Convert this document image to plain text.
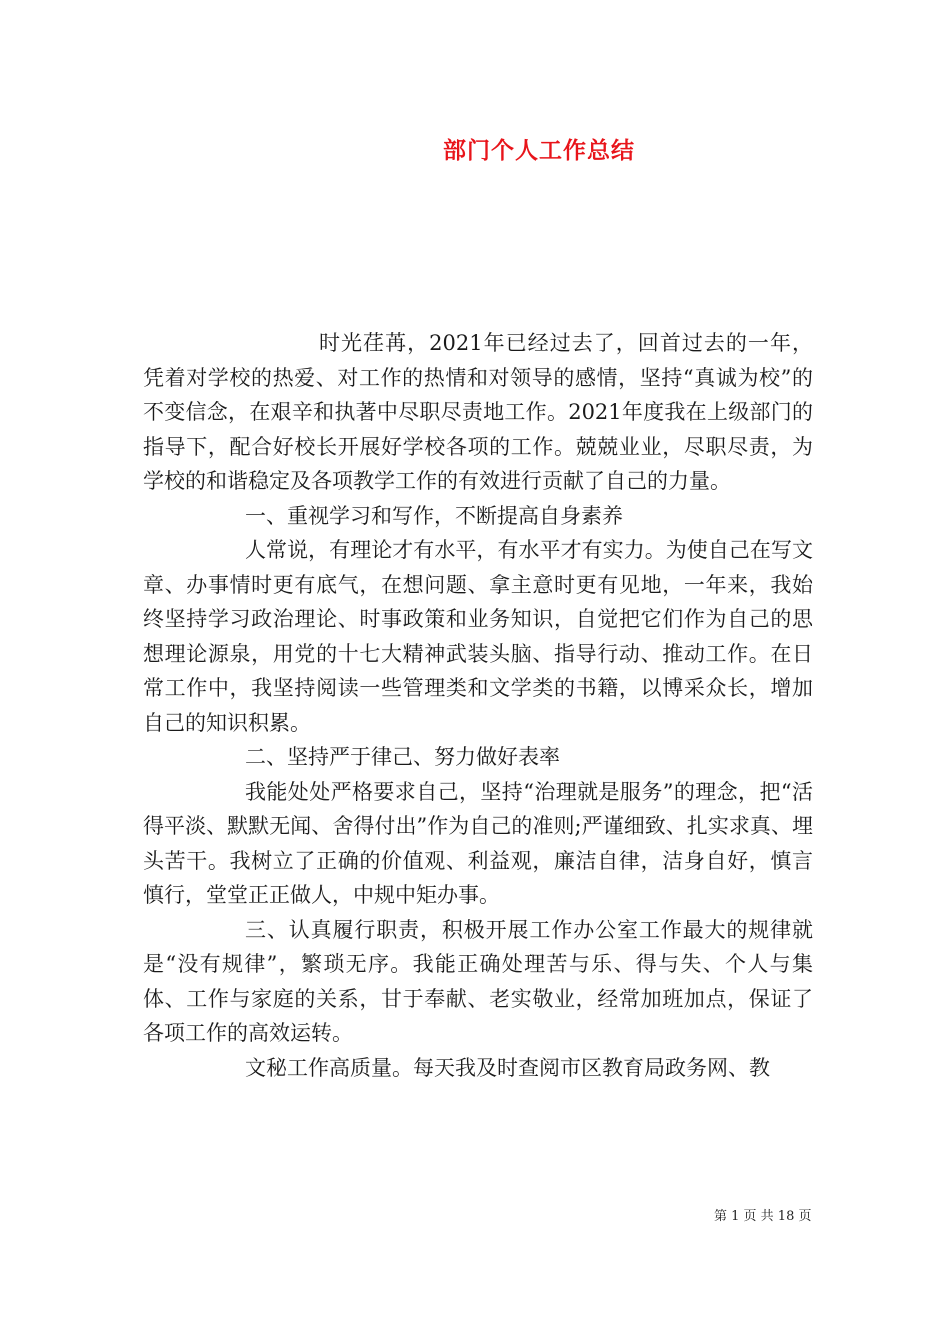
部门个人工作总结

时光荏苒，2021年已经过去了，回首过去的一年，凭着对学校的热爱、对工作的热情和对领导的感情，坚持“真诚为校”的不变信念，在艰辛和执著中尽职尽责地工作。2021年度我在上级部门的指导下，配合好校长开展好学校各项的工作。兢兢业业，尽职尽责，为学校的和谐稳定及各项教学工作的有效进行贡献了自己的力量。

一、重视学习和写作，不断提高自身素养

人常说，有理论才有水平，有水平才有实力。为使自己在写文章、办事情时更有底气，在想问题、拿主意时更有见地，一年来，我始终坚持学习政治理论、时事政策和业务知识，自觉把它们作为自己的思想理论源泉，用党的十七大精神武装头脑、指导行动、推动工作。在日常工作中，我坚持阅读一些管理类和文学类的书籍，以博采众长，增加自己的知识积累。

二、坚持严于律己、努力做好表率

我能处处严格要求自己，坚持“治理就是服务”的理念，把“活得平淡、默默无闻、舍得付出”作为自己的准则;严谨细致、扎实求真、埋头苦干。我树立了正确的价值观、利益观，廉洁自律，洁身自好，慎言慎行，堂堂正正做人，中规中矩办事。

三、认真履行职责，积极开展工作办公室工作最大的规律就是“没有规律”，繁琐无序。我能正确处理苦与乐、得与失、个人与集体、工作与家庭的关系，甘于奉献、老实敬业，经常加班加点，保证了各项工作的高效运转。

文秘工作高质量。每天我及时查阅市区教育局政务网、教

第 1 页 共 18 页
